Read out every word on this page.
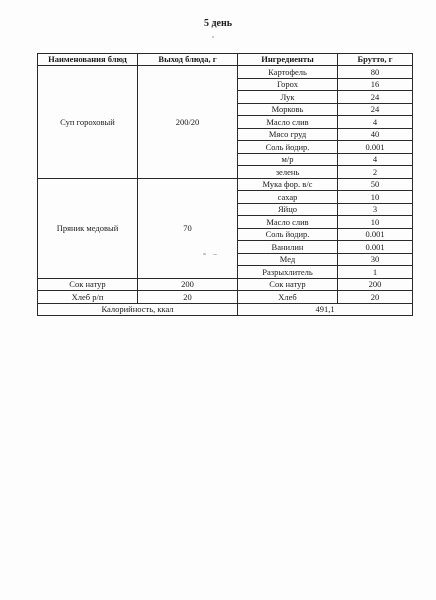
5 день
Наименования блюд	Выход блюда, г	Ингредиенты	Брутто, г
Суп гороховый	200/20	Картофель	80
		Горох	16
		Лук	24
		Морковь	24
		Масло слив	4
		Мясо груд	40
		Соль йодир.	0.001
		м/р	4
		зелень	2
Пряник медовый	70	Мука фор. в/с	50
		сахар	10
		Яйцо	3
		Масло слив	10
		Соль йодир.	0.001
		Ванилин	0.001
		Мед	30
		Разрыхлитель	1
Сок натур	200	Сок натур	200
Хлеб р/п	20	Хлеб	20
Калорийность, ккал		491,1	
